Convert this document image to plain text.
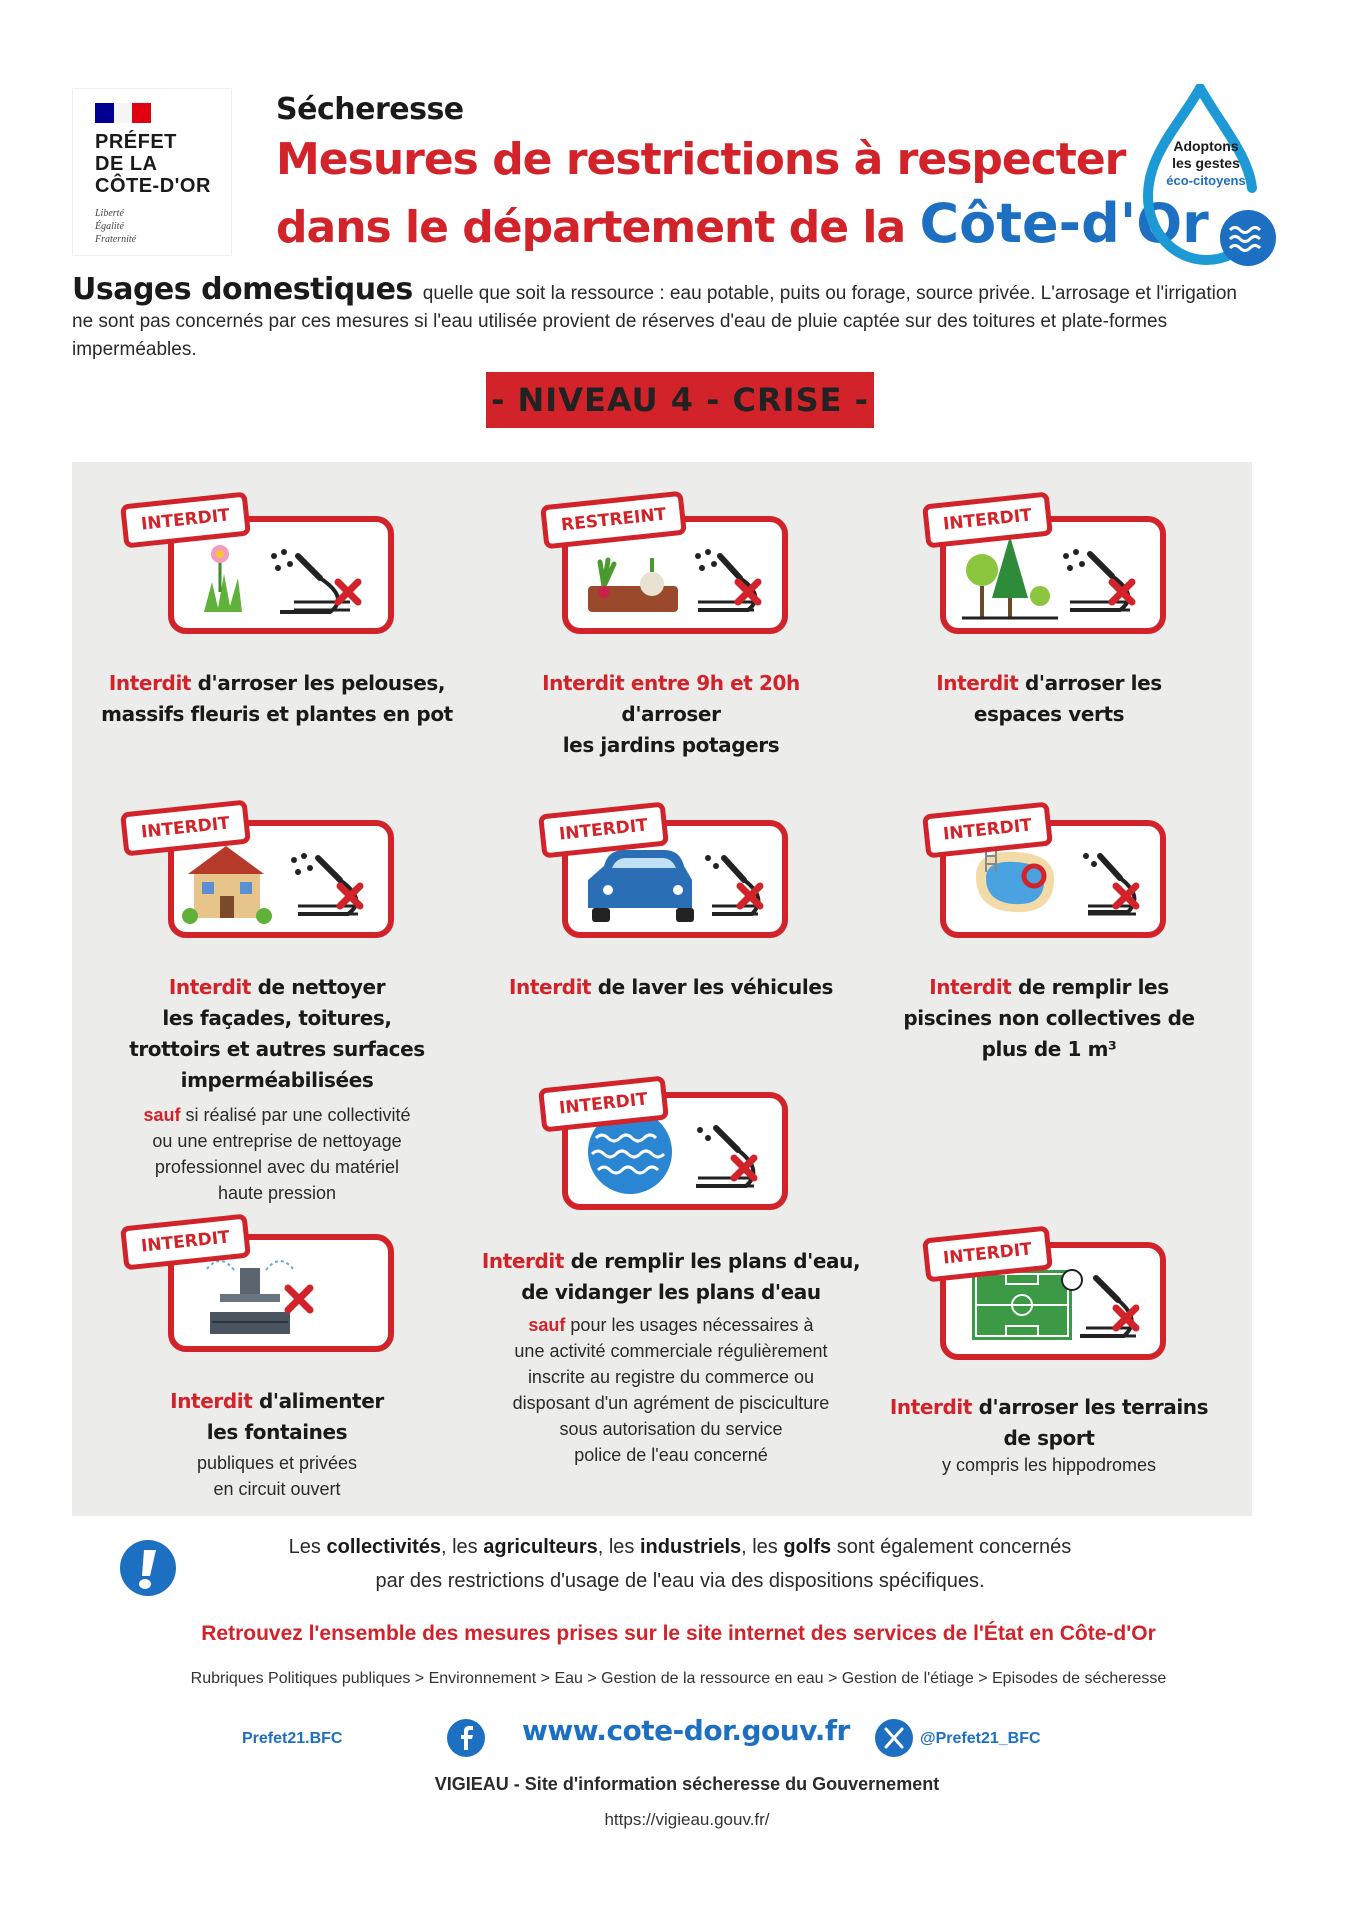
PRÉFET
DE LA
CÔTE-D'OR
Liberté
Égalité
Fraternité
Sécheresse
Mesures de restrictions à respecter
dans le département de la Côte-d'Or
Adoptons
les gestes
éco-citoyens
Usages domestiques quelle que soit la ressource : eau potable, puits ou forage, source privée. L'arrosage et l'irrigation ne sont pas concernés par ces mesures si l'eau utilisée provient de réserves d'eau de pluie captée sur des toitures et plate-formes imperméables.
- NIVEAU 4 - CRISE -
INTERDIT
Interdit d'arroser les pelouses,
massifs fleuris et plantes en pot
RESTREINT
Interdit entre 9h et 20h
d'arroser
les jardins potagers
INTERDIT
Interdit d'arroser les
espaces verts
INTERDIT
Interdit de nettoyer
les façades, toitures,
trottoirs et autres surfaces
imperméabilisées
sauf si réalisé par une collectivité
ou une entreprise de nettoyage
professionnel avec du matériel
haute pression
INTERDIT
Interdit de laver les véhicules
INTERDIT
Interdit de remplir les
piscines non collectives de
plus de 1 m³
INTERDIT
Interdit de remplir les plans d'eau,
de vidanger les plans d'eau
sauf pour les usages nécessaires à
une activité commerciale régulièrement
inscrite au registre du commerce ou
disposant d'un agrément de pisciculture
sous autorisation du service
police de l'eau concerné
INTERDIT
Interdit d'alimenter
les fontaines
publiques et privées
en circuit ouvert
INTERDIT
Interdit d'arroser les terrains
de sport
y compris les hippodromes
Les collectivités, les agriculteurs, les industriels, les golfs sont également concernés
par des restrictions d'usage de l'eau via des dispositions spécifiques.
Retrouvez l'ensemble des mesures prises sur le site internet des services de l'État en Côte-d'Or
Rubriques Politiques publiques > Environnement > Eau > Gestion de la ressource en eau > Gestion de l'étiage > Episodes de sécheresse
Prefet21.BFC	www.cote-dor.gouv.fr	@Prefet21_BFC
VIGIEAU - Site d'information sécheresse du Gouvernement
https://vigieau.gouv.fr/
